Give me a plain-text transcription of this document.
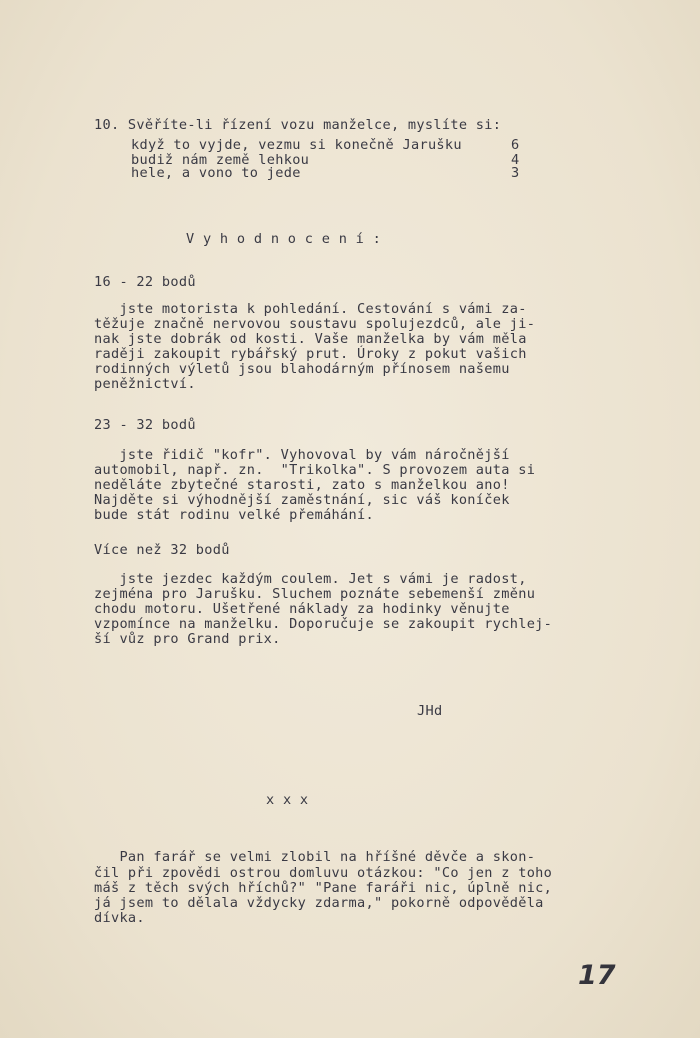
10. Svěříte-li řízení vozu manželce, myslíte si:
když to vyjde, vezmu si konečně Jarušku	6
budiž nám země lehkou	4
hele, a vono to jede	3
V y h o d n o c e n í :
16 - 22 bodů
jste motorista k pohledání. Cestování s vámi za-
těžuje značně nervovou soustavu spolujezdců, ale ji-
nak jste dobrák od kosti. Vaše manželka by vám měla
raději zakoupit rybářský prut. Úroky z pokut vašich
rodinných výletů jsou blahodárným přínosem našemu
peněžnictví.
23 - 32 bodů
jste řidič "kofr". Vyhovoval by vám náročnější
automobil, např. zn.  "Trikolka". S provozem auta si
neděláte zbytečné starosti, zato s manželkou ano!
Najděte si výhodnější zaměstnání, sic váš koníček
bude stát rodinu velké přemáhání.
Více než 32 bodů
jste jezdec každým coulem. Jet s vámi je radost,
zejména pro Jarušku. Sluchem poznáte sebemenší změnu
chodu motoru. Ušetřené náklady za hodinky věnujte
vzpomínce na manželku. Doporučuje se zakoupit rychlej-
ší vůz pro Grand prix.
JHd
x x x
Pan farář se velmi zlobil na hříšné děvče a skon-
čil při zpovědi ostrou domluvu otázkou: "Co jen z toho
máš z těch svých hříchů?" "Pane faráři nic, úplně nic,
já jsem to dělala vždycky zdarma," pokorně odpověděla
dívka.
17
